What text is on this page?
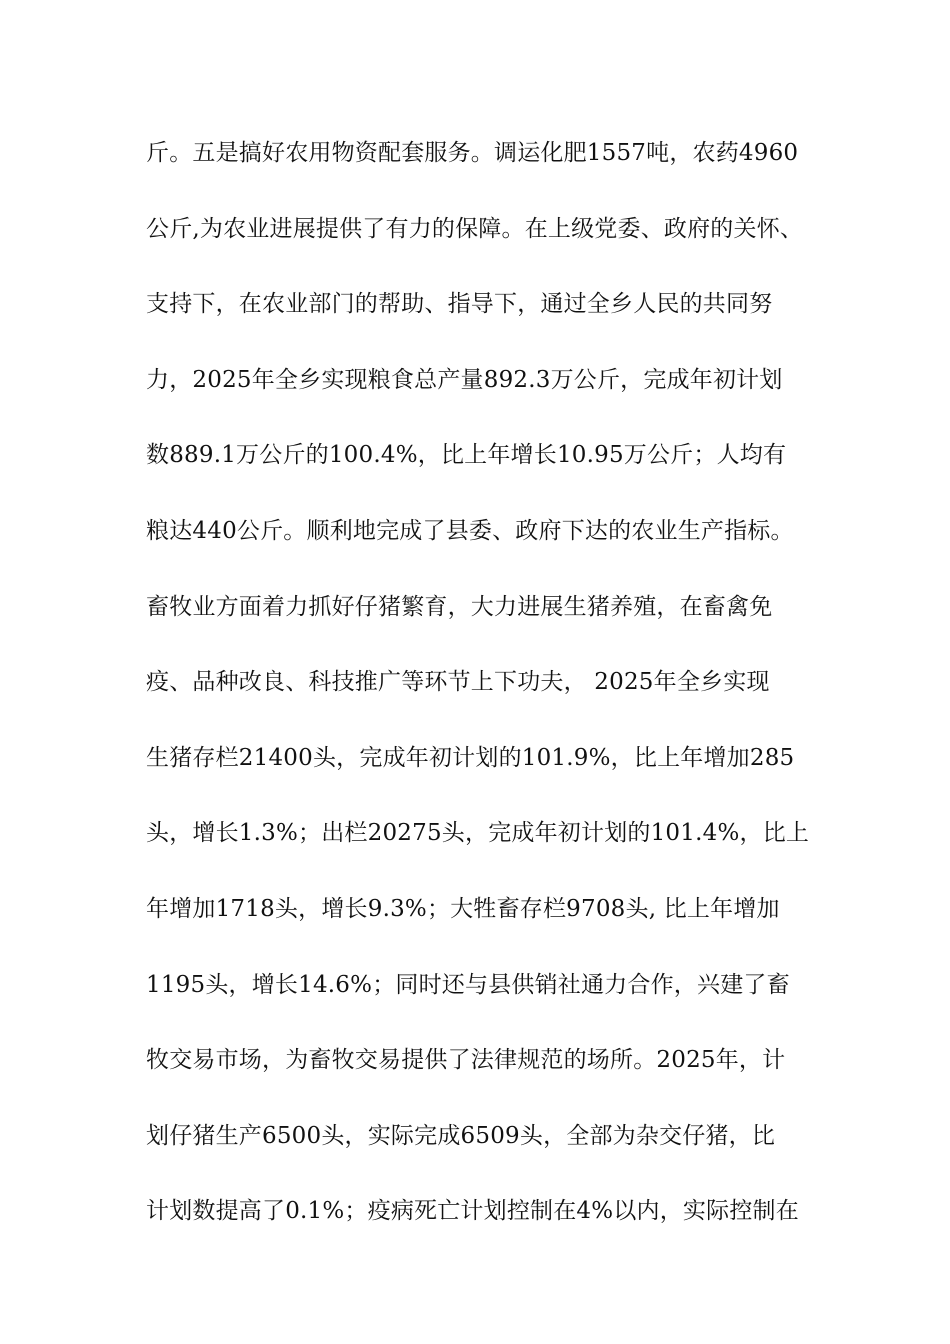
斤。五是搞好农用物资配套服务。调运化肥1557吨，农药4960
公斤,为农业进展提供了有力的保障。在上级党委、政府的关怀、
支持下，在农业部门的帮助、指导下，通过全乡人民的共同努
力，2025年全乡实现粮食总产量892.3万公斤，完成年初计划
数889.1万公斤的100.4%，比上年增长10.95万公斤；人均有
粮达440公斤。顺利地完成了县委、政府下达的农业生产指标。
畜牧业方面着力抓好仔猪繁育，大力进展生猪养殖，在畜禽免
疫、品种改良、科技推广等环节上下功夫， 2025年全乡实现
生猪存栏21400头，完成年初计划的101.9%，比上年增加285
头，增长1.3%；出栏20275头，完成年初计划的101.4%，比上
年增加1718头，增长9.3%；大牲畜存栏9708头, 比上年增加
1195头，增长14.6%；同时还与县供销社通力合作，兴建了畜
牧交易市场，为畜牧交易提供了法律规范的场所。2025年，计
划仔猪生产6500头，实际完成6509头，全部为杂交仔猪，比
计划数提高了0.1%；疫病死亡计划控制在4%以内，实际控制在
